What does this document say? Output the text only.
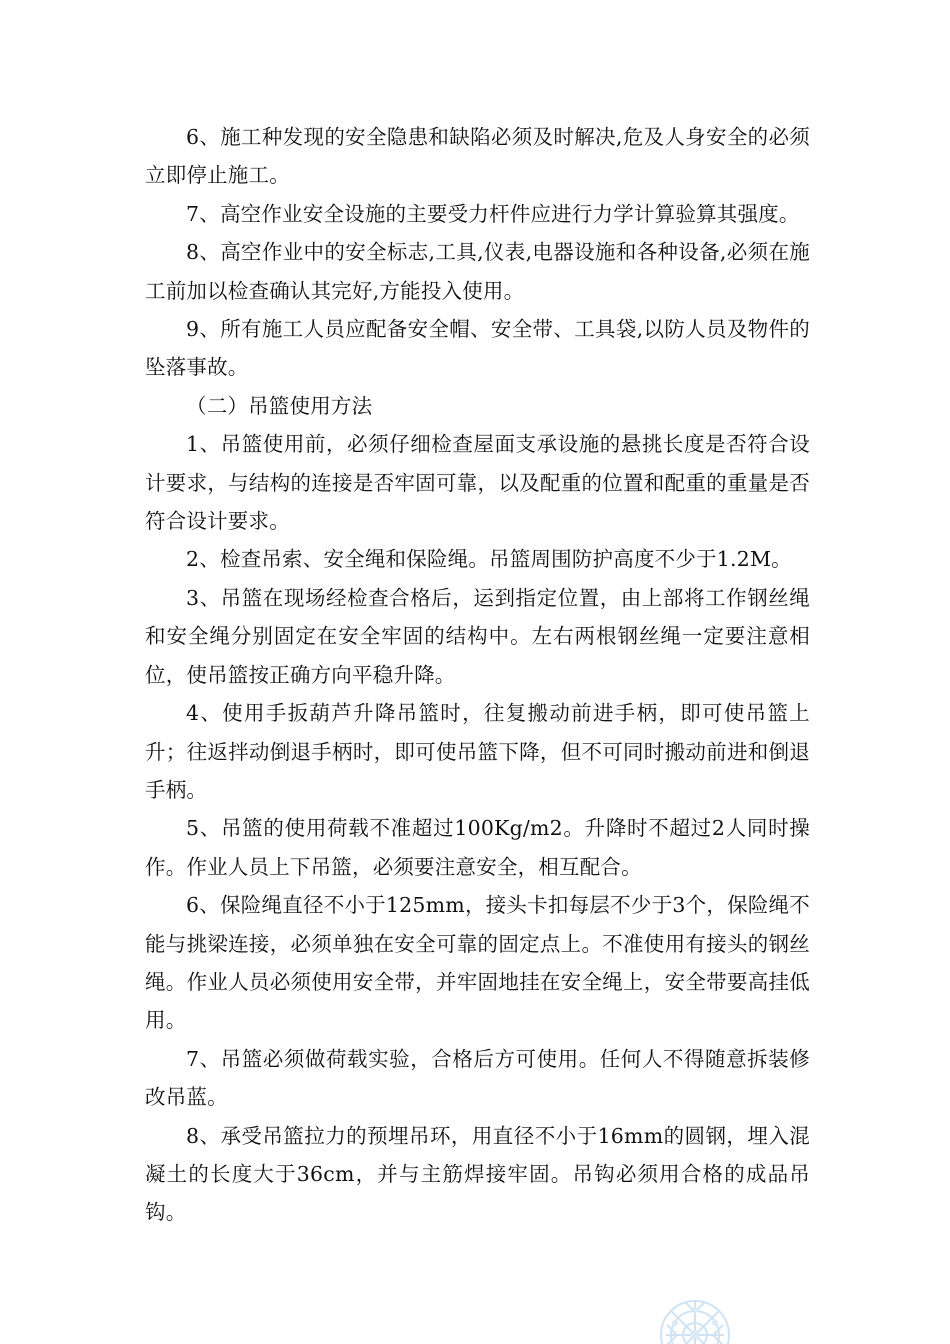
6、施工种发现的安全隐患和缺陷必须及时解决,危及人身安全的必须立即停止施工。

7、高空作业安全设施的主要受力杆件应进行力学计算验算其强度。

8、高空作业中的安全标志,工具,仪表,电器设施和各种设备,必须在施工前加以检查确认其完好,方能投入使用。

9、所有施工人员应配备安全帽、安全带、工具袋,以防人员及物件的坠落事故。

（二）吊篮使用方法

1、吊篮使用前，必须仔细检查屋面支承设施的悬挑长度是否符合设计要求，与结构的连接是否牢固可靠，以及配重的位置和配重的重量是否符合设计要求。

2、检查吊索、安全绳和保险绳。吊篮周围防护高度不少于1.2M。

3、吊篮在现场经检查合格后，运到指定位置，由上部将工作钢丝绳和安全绳分别固定在安全牢固的结构中。左右两根钢丝绳一定要注意相位，使吊篮按正确方向平稳升降。

4、使用手扳葫芦升降吊篮时，往复搬动前进手柄，即可使吊篮上升；往返拌动倒退手柄时，即可使吊篮下降，但不可同时搬动前进和倒退手柄。

5、吊篮的使用荷载不准超过100Kg/m2。升降时不超过2人同时操作。作业人员上下吊篮，必须要注意安全，相互配合。

6、保险绳直径不小于125mm，接头卡扣每层不少于3个，保险绳不能与挑梁连接，必须单独在安全可靠的固定点上。不准使用有接头的钢丝绳。作业人员必须使用安全带，并牢固地挂在安全绳上，安全带要高挂低用。

7、吊篮必须做荷载实验，合格后方可使用。任何人不得随意拆装修改吊蓝。

8、承受吊篮拉力的预埋吊环，用直径不小于16mm的圆钢，埋入混凝土的长度大于36cm，并与主筋焊接牢固。吊钩必须用合格的成品吊钩。
